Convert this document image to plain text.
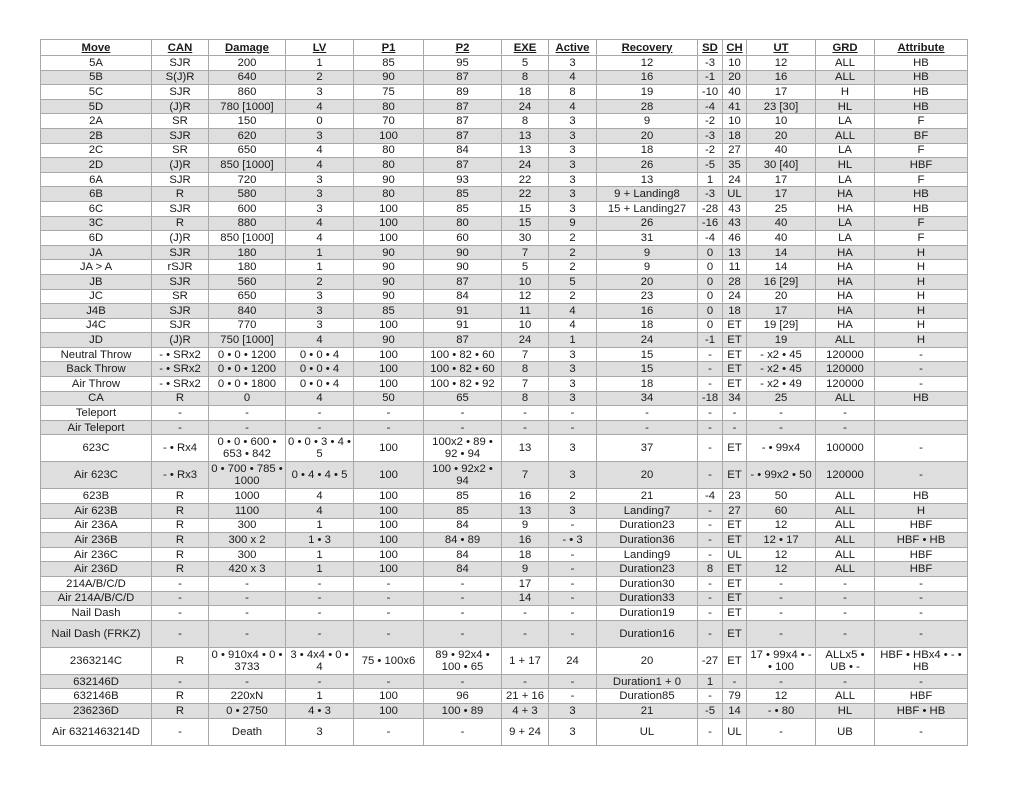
Move	CAN	Damage	LV	P1	P2	EXE	Active	Recovery	SD	CH	UT	GRD	Attribute
5A	SJR	200	1	85	95	5	3	12	-3	10	12	ALL	HB
5B	S(J)R	640	2	90	87	8	4	16	-1	20	16	ALL	HB
5C	SJR	860	3	75	89	18	8	19	-10	40	17	H	HB
5D	(J)R	780 [1000]	4	80	87	24	4	28	-4	41	23 [30]	HL	HB
2A	SR	150	0	70	87	8	3	9	-2	10	10	LA	F
2B	SJR	620	3	100	87	13	3	20	-3	18	20	ALL	BF
2C	SR	650	4	80	84	13	3	18	-2	27	40	LA	F
2D	(J)R	850 [1000]	4	80	87	24	3	26	-5	35	30 [40]	HL	HBF
6A	SJR	720	3	90	93	22	3	13	1	24	17	LA	F
6B	R	580	3	80	85	22	3	9 + Landing8	-3	UL	17	HA	HB
6C	SJR	600	3	100	85	15	3	15 + Landing27	-28	43	25	HA	HB
3C	R	880	4	100	80	15	9	26	-16	43	40	LA	F
6D	(J)R	850 [1000]	4	100	60	30	2	31	-4	46	40	LA	F
JA	SJR	180	1	90	90	7	2	9	0	13	14	HA	H
JA > A	rSJR	180	1	90	90	5	2	9	0	11	14	HA	H
JB	SJR	560	2	90	87	10	5	20	0	28	16 [29]	HA	H
JC	SR	650	3	90	84	12	2	23	0	24	20	HA	H
J4B	SJR	840	3	85	91	11	4	16	0	18	17	HA	H
J4C	SJR	770	3	100	91	10	4	18	0	ET	19 [29]	HA	H
JD	(J)R	750 [1000]	4	90	87	24	1	24	-1	ET	19	ALL	H
Neutral Throw	- • SRx2	0 • 0 • 1200	0 • 0 • 4	100	100 • 82 • 60	7	3	15	-	ET	- x2 • 45	120000	-
Back Throw	- • SRx2	0 • 0 • 1200	0 • 0 • 4	100	100 • 82 • 60	8	3	15	-	ET	- x2 • 45	120000	-
Air Throw	- • SRx2	0 • 0 • 1800	0 • 0 • 4	100	100 • 82 • 92	7	3	18	-	ET	- x2 • 49	120000	-
CA	R	0	4	50	65	8	3	34	-18	34	25	ALL	HB
Teleport	-	-	-	-	-	-	-	-	-	-	-	-	
Air Teleport	-	-	-	-	-	-	-	-	-	-	-	-	
623C	- • Rx4	0 • 0 • 600 • 653 • 842	0 • 0 • 3 • 4 • 5	100	100x2 • 89 • 92 • 94	13	3	37	-	ET	- • 99x4	100000	-
Air 623C	- • Rx3	0 • 700 • 785 • 1000	0 • 4 • 4 • 5	100	100 • 92x2 • 94	7	3	20	-	ET	- • 99x2 • 50	120000	-
623B	R	1000	4	100	85	16	2	21	-4	23	50	ALL	HB
Air 623B	R	1100	4	100	85	13	3	Landing7	-	27	60	ALL	H
Air 236A	R	300	1	100	84	9	-	Duration23	-	ET	12	ALL	HBF
Air 236B	R	300 x 2	1 • 3	100	84 • 89	16	- • 3	Duration36	-	ET	12 • 17	ALL	HBF • HB
Air 236C	R	300	1	100	84	18	-	Landing9	-	UL	12	ALL	HBF
Air 236D	R	420 x 3	1	100	84	9	-	Duration23	8	ET	12	ALL	HBF
214A/B/C/D	-	-	-	-	-	17	-	Duration30	-	ET	-	-	-
Air 214A/B/C/D	-	-	-	-	-	14	-	Duration33	-	ET	-	-	-
Nail Dash	-	-	-	-	-	-	-	Duration19	-	ET	-	-	-
Nail Dash (FRKZ)	-	-	-	-	-	-	-	Duration16	-	ET	-	-	-
2363214C	R	0 • 910x4 • 0 • 3733	3 • 4x4 • 0 • 4	75 • 100x6	89 • 92x4 • 100 • 65	1 + 17	24	20	-27	ET	17 • 99x4 • - • 100	ALLx5 • UB • -	HBF • HBx4 • - • HB
632146D	-	-	-	-	-	-	-	Duration1 + 0	1	-	-	-	-
632146B	R	220xN	1	100	96	21 + 16	-	Duration85	-	79	12	ALL	HBF
236236D	R	0 • 2750	4 • 3	100	100 • 89	4 + 3	3	21	-5	14	- • 80	HL	HBF • HB
Air 6321463214D	-	Death	3	-	-	9 + 24	3	UL	-	UL	-	UB	-
